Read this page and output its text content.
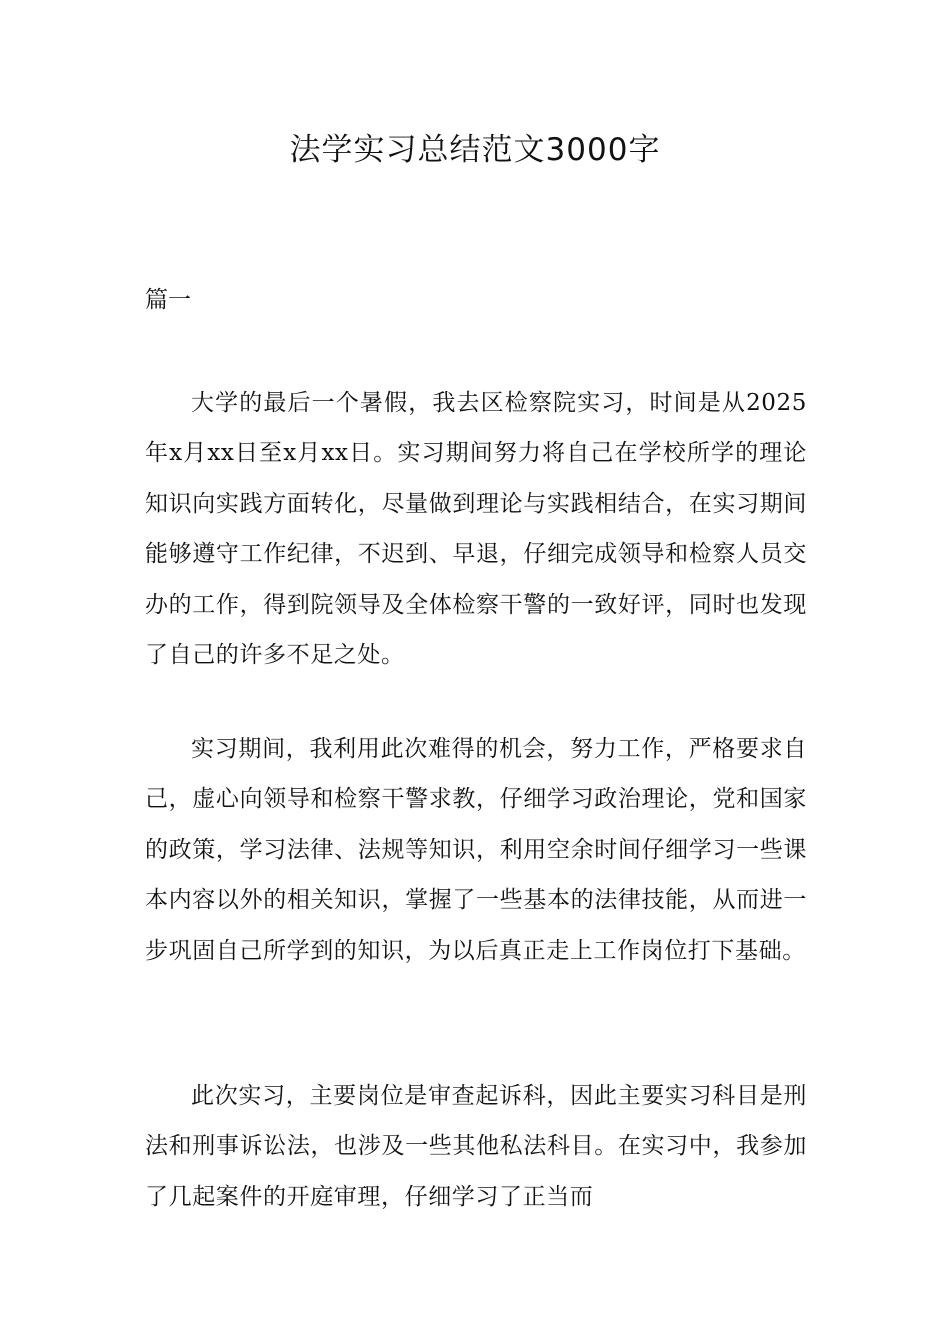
法学实习总结范文3000字
篇一

大学的最后一个暑假，我去区检察院实习，时间是从2025年x月xx日至x月xx日。实习期间努力将自己在学校所学的理论知识向实践方面转化，尽量做到理论与实践相结合，在实习期间能够遵守工作纪律，不迟到、早退，仔细完成领导和检察人员交办的工作，得到院领导及全体检察干警的一致好评，同时也发现了自己的许多不足之处。

实习期间，我利用此次难得的机会，努力工作，严格要求自己，虚心向领导和检察干警求教，仔细学习政治理论，党和国家的政策，学习法律、法规等知识，利用空余时间仔细学习一些课本内容以外的相关知识，掌握了一些基本的法律技能，从而进一步巩固自己所学到的知识，为以后真正走上工作岗位打下基础。

此次实习，主要岗位是审查起诉科，因此主要实习科目是刑法和刑事诉讼法，也涉及一些其他私法科目。在实习中，我参加了几起案件的开庭审理，仔细学习了正当而
